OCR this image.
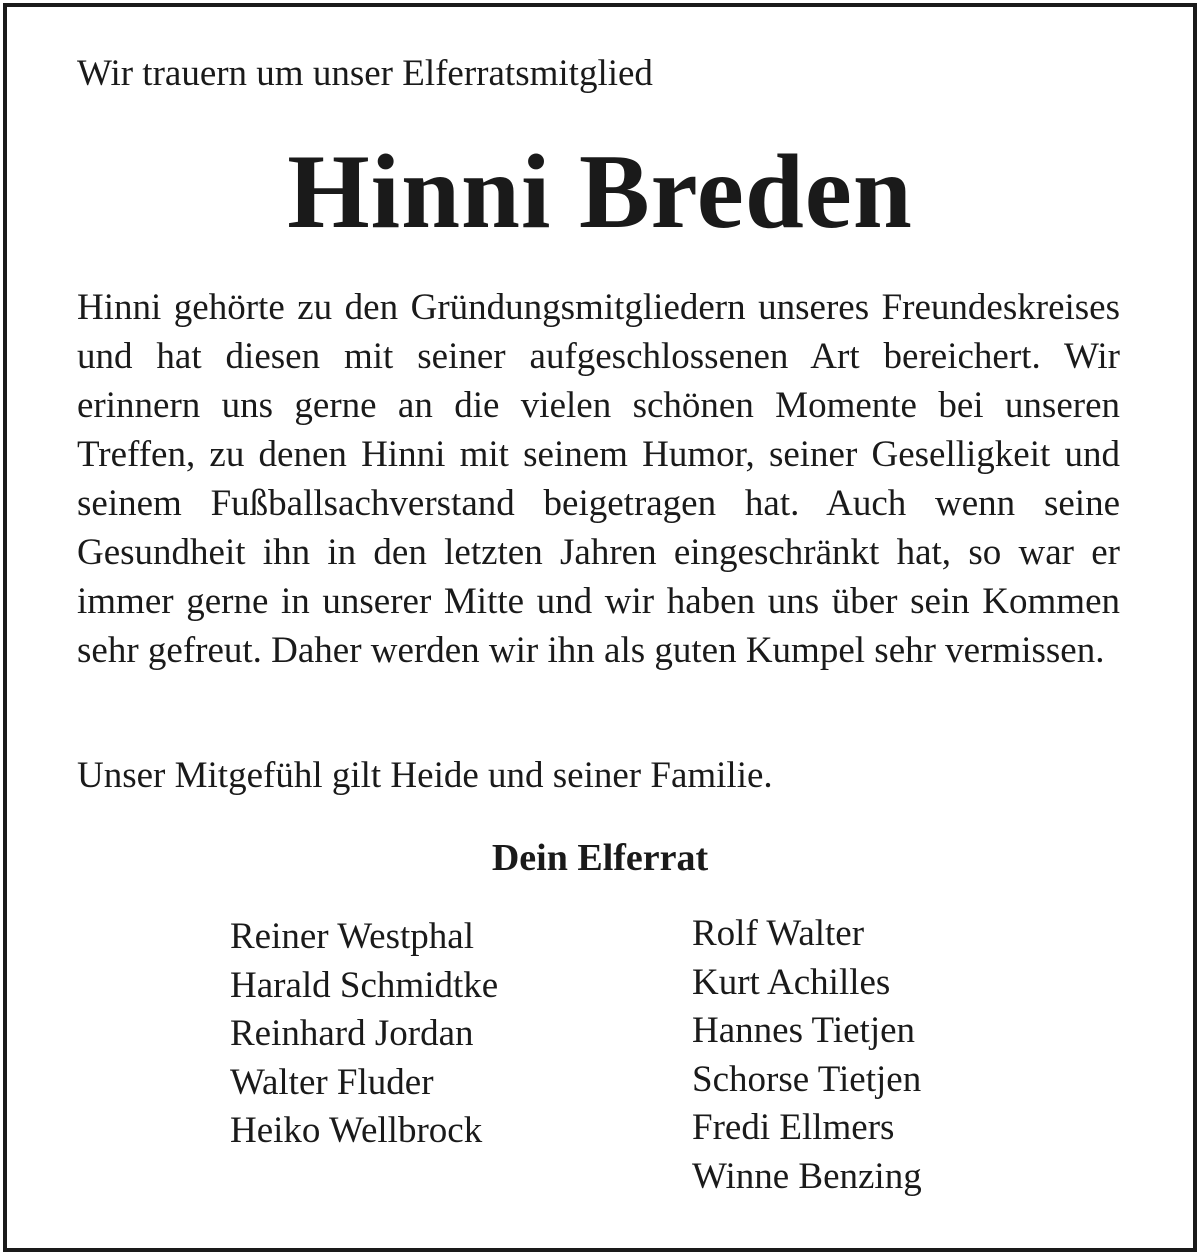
Wir trauern um unser Elferratsmitglied
Hinni Breden
Hinni gehörte zu den Gründungsmitgliedern unseres Freundeskreises und hat diesen mit seiner aufgeschlossenen Art bereichert. Wir erinnern uns gerne an die vielen schönen Momente bei unseren Treffen, zu denen Hinni mit seinem Humor, seiner Geselligkeit und seinem Fußballsachverstand beigetragen hat. Auch wenn seine Gesundheit ihn in den letzten Jahren eingeschränkt hat, so war er immer gerne in unserer Mitte und wir haben uns über sein Kommen sehr gefreut. Daher werden wir ihn als guten Kumpel sehr vermissen.
Unser Mitgefühl gilt Heide und seiner Familie.
Dein Elferrat
Reiner Westphal
Harald Schmidtke
Reinhard Jordan
Walter Fluder
Heiko Wellbrock
Rolf Walter
Kurt Achilles
Hannes Tietjen
Schorse Tietjen
Fredi Ellmers
Winne Benzing
